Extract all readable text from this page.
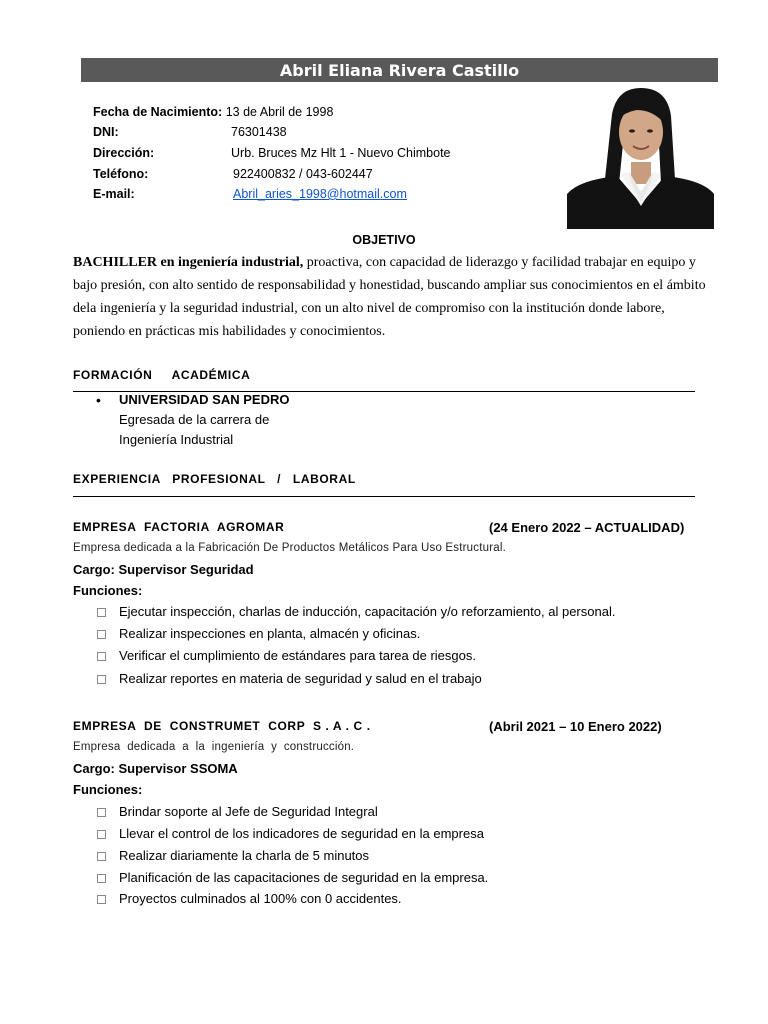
Abril Eliana Rivera Castillo
Fecha de Nacimiento: 13 de Abril de 1998
DNI:	76301438
Dirección:	Urb. Bruces Mz Hlt 1 - Nuevo Chimbote
Teléfono:	922400832 / 043-602447
E-mail:	Abril_aries_1998@hotmail.com
OBJETIVO
BACHILLER en ingeniería industrial, proactiva, con capacidad de liderazgo y facilidad trabajar en equipo y
bajo presión, con alto sentido de responsabilidad y honestidad, buscando ampliar sus conocimientos en el ámbito
dela ingeniería y la seguridad industrial, con un alto nivel de compromiso con la institución donde labore,
poniendo en prácticas mis habilidades y conocimientos.
FORMACIÓN     ACADÉMICA
• UNIVERSIDAD SAN PEDRO
Egresada de la carrera de
Ingeniería Industrial
EXPERIENCIA   PROFESIONAL   /   LABORAL
EMPRESA  FACTORIA  AGROMAR	(24 Enero 2022 – ACTUALIDAD)
Empresa dedicada a la Fabricación De Productos Metálicos Para Uso Estructural.
Cargo: Supervisor Seguridad
Funciones:
Ejecutar inspección, charlas de inducción, capacitación y/o reforzamiento, al personal.
Realizar inspecciones en planta, almacén y oficinas.
Verificar el cumplimiento de estándares para tarea de riesgos.
Realizar reportes en materia de seguridad y salud en el trabajo
EMPRESA  DE  CONSTRUMET  CORP  S . A . C .	(Abril 2021 – 10 Enero 2022)
Empresa  dedicada  a  la  ingeniería  y  construcción.
Cargo: Supervisor SSOMA
Funciones:
Brindar soporte al Jefe de Seguridad Integral
Llevar el control de los indicadores de seguridad en la empresa
Realizar diariamente la charla de 5 minutos
Planificación de las capacitaciones de seguridad en la empresa.
Proyectos culminados al 100% con 0 accidentes.
